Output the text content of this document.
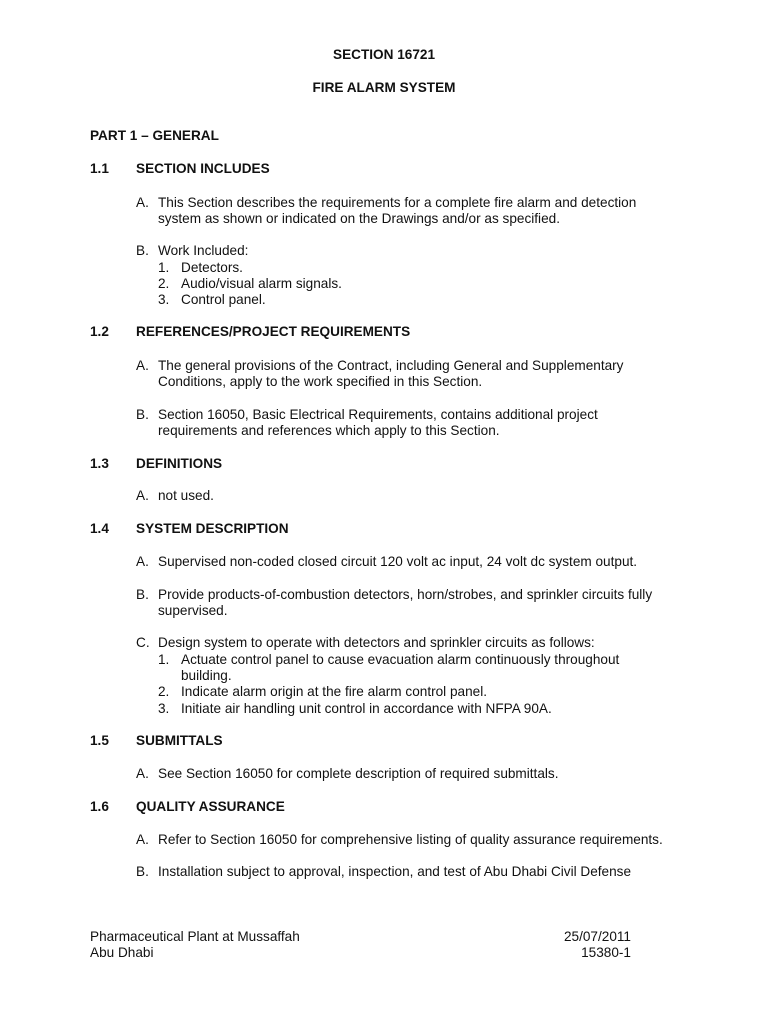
SECTION 16721
FIRE ALARM SYSTEM
PART 1 – GENERAL
1.1 SECTION INCLUDES
A. This Section describes the requirements for a complete fire alarm and detection
system as shown or indicated on the Drawings and/or as specified.
B. Work Included:
1. Detectors.
2. Audio/visual alarm signals.
3. Control panel.
1.2 REFERENCES/PROJECT REQUIREMENTS
A. The general provisions of the Contract, including General and Supplementary
Conditions, apply to the work specified in this Section.
B. Section 16050, Basic Electrical Requirements, contains additional project
requirements and references which apply to this Section.
1.3 DEFINITIONS
A. not used.
1.4 SYSTEM DESCRIPTION
A. Supervised non-coded closed circuit 120 volt ac input, 24 volt dc system output.
B. Provide products-of-combustion detectors, horn/strobes, and sprinkler circuits fully
supervised.
C. Design system to operate with detectors and sprinkler circuits as follows:
1. Actuate control panel to cause evacuation alarm continuously throughout
building.
2. Indicate alarm origin at the fire alarm control panel.
3. Initiate air handling unit control in accordance with NFPA 90A.
1.5 SUBMITTALS
A. See Section 16050 for complete description of required submittals.
1.6 QUALITY ASSURANCE
A. Refer to Section 16050 for comprehensive listing of quality assurance requirements.
B. Installation subject to approval, inspection, and test of Abu Dhabi Civil Defense
Pharmaceutical Plant at Mussaffah
Abu Dhabi
25/07/2011
15380-1
